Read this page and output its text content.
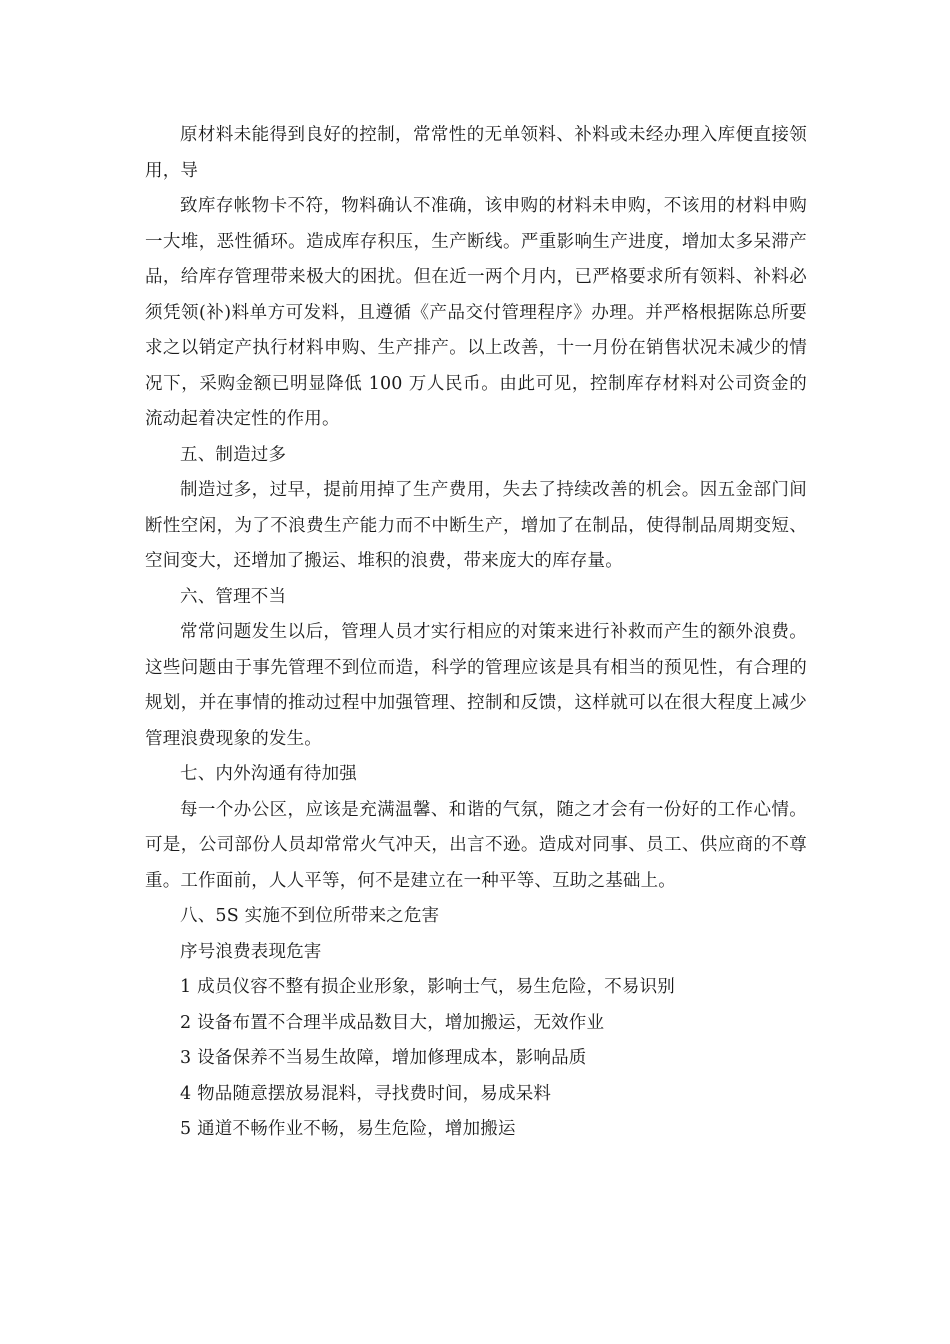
原材料未能得到良好的控制，常常性的无单领料、补料或未经办理入库便直接领用，导

致库存帐物卡不符，物料确认不准确，该申购的材料未申购，不该用的材料申购一大堆，恶性循环。造成库存积压，生产断线。严重影响生产进度，增加太多呆滞产品，给库存管理带来极大的困扰。但在近一两个月内，已严格要求所有领料、补料必须凭领(补)料单方可发料，且遵循《产品交付管理程序》办理。并严格根据陈总所要求之以销定产执行材料申购、生产排产。以上改善，十一月份在销售状况未减少的情况下，采购金额已明显降低 100 万人民币。由此可见，控制库存材料对公司资金的流动起着决定性的作用。

五、制造过多

制造过多，过早，提前用掉了生产费用，失去了持续改善的机会。因五金部门间断性空闲，为了不浪费生产能力而不中断生产，增加了在制品，使得制品周期变短、空间变大，还增加了搬运、堆积的浪费，带来庞大的库存量。

六、管理不当

常常问题发生以后，管理人员才实行相应的对策来进行补救而产生的额外浪费。这些问题由于事先管理不到位而造，科学的管理应该是具有相当的预见性，有合理的规划，并在事情的推动过程中加强管理、控制和反馈，这样就可以在很大程度上减少管理浪费现象的发生。

七、内外沟通有待加强

每一个办公区，应该是充满温馨、和谐的气氛，随之才会有一份好的工作心情。可是，公司部份人员却常常火气冲天，出言不逊。造成对同事、员工、供应商的不尊重。工作面前，人人平等，何不是建立在一种平等、互助之基础上。

八、5S 实施不到位所带来之危害

序号浪费表现危害

1 成员仪容不整有损企业形象，影响士气，易生危险，不易识别

2 设备布置不合理半成品数目大，增加搬运，无效作业

3 设备保养不当易生故障，增加修理成本，影响品质

4 物品随意摆放易混料，寻找费时间，易成呆料

5 通道不畅作业不畅，易生危险，增加搬运
